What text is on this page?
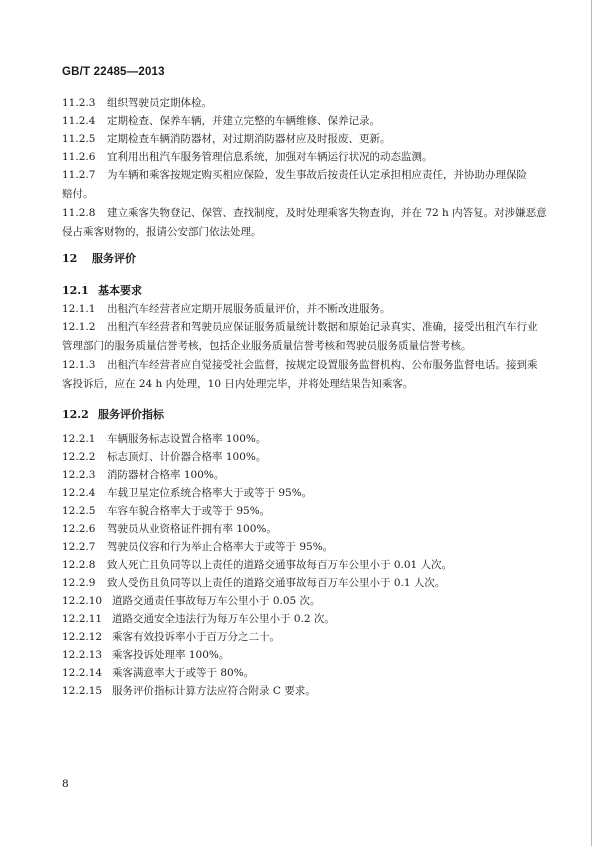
GB/T 22485—2013
11.2.3 组织驾驶员定期体检。
11.2.4 定期检查、保养车辆，并建立完整的车辆维修、保养记录。
11.2.5 定期检查车辆消防器材，对过期消防器材应及时报废、更新。
11.2.6 宜利用出租汽车服务管理信息系统，加强对车辆运行状况的动态监测。
11.2.7 为车辆和乘客按规定购买相应保险，发生事故后按责任认定承担相应责任，并协助办理保险
赔付。
11.2.8 建立乘客失物登记、保管、查找制度，及时处理乘客失物查询，并在 72 h 内答复。对涉嫌恶意
侵占乘客财物的，报请公安部门依法处理。
12 服务评价
12.1 基本要求
12.1.1 出租汽车经营者应定期开展服务质量评价，并不断改进服务。
12.1.2 出租汽车经营者和驾驶员应保证服务质量统计数据和原始记录真实、准确，接受出租汽车行业
管理部门的服务质量信誉考核，包括企业服务质量信誉考核和驾驶员服务质量信誉考核。
12.1.3 出租汽车经营者应自觉接受社会监督，按规定设置服务监督机构、公布服务监督电话。接到乘
客投诉后，应在 24 h 内处理，10 日内处理完毕，并将处理结果告知乘客。
12.2 服务评价指标
12.2.1 车辆服务标志设置合格率 100%。
12.2.2 标志顶灯、计价器合格率 100%。
12.2.3 消防器材合格率 100%。
12.2.4 车载卫星定位系统合格率大于或等于 95%。
12.2.5 车容车貌合格率大于或等于 95%。
12.2.6 驾驶员从业资格证件拥有率 100%。
12.2.7 驾驶员仪容和行为举止合格率大于或等于 95%。
12.2.8 致人死亡且负同等以上责任的道路交通事故每百万车公里小于 0.01 人次。
12.2.9 致人受伤且负同等以上责任的道路交通事故每百万车公里小于 0.1 人次。
12.2.10 道路交通责任事故每万车公里小于 0.05 次。
12.2.11 道路交通安全违法行为每万车公里小于 0.2 次。
12.2.12 乘客有效投诉率小于百万分之二十。
12.2.13 乘客投诉处理率 100%。
12.2.14 乘客满意率大于或等于 80%。
12.2.15 服务评价指标计算方法应符合附录 C 要求。
8
